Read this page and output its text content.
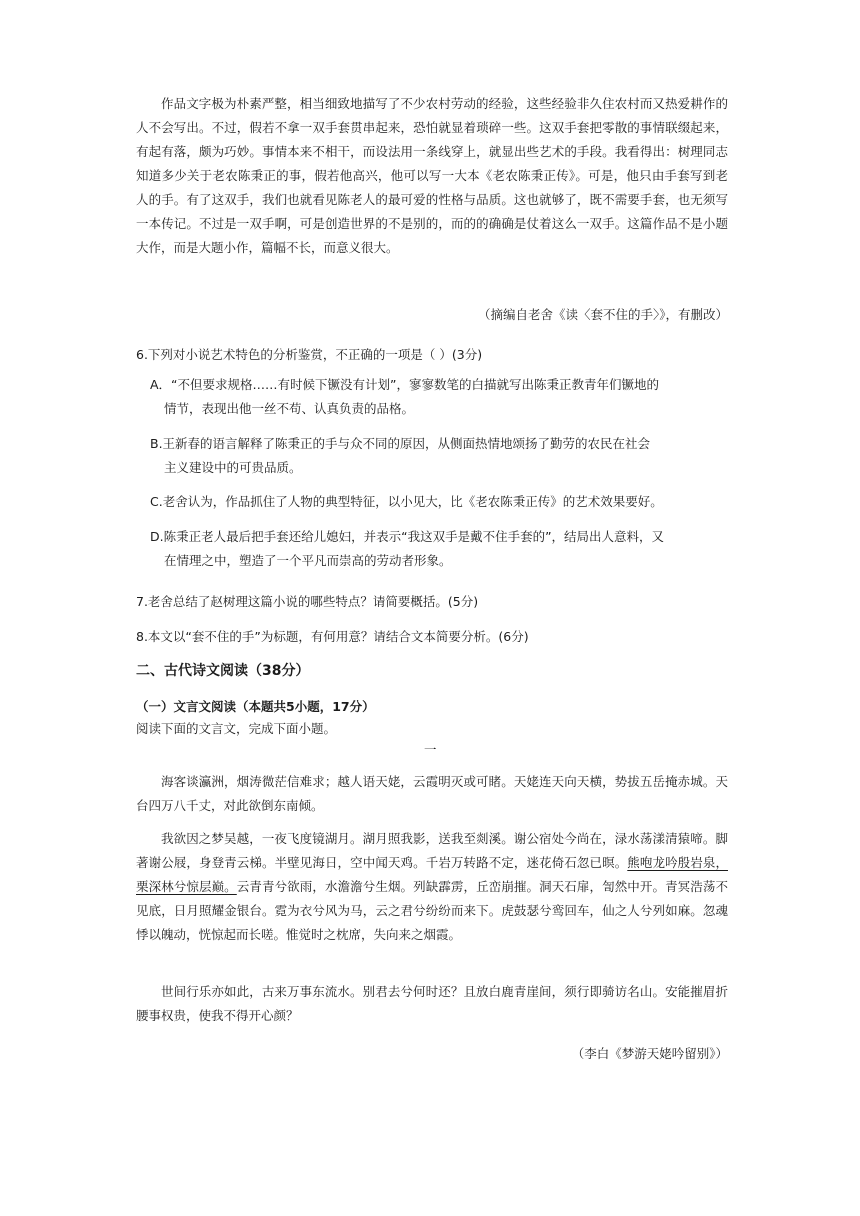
作品文字极为朴素严整，相当细致地描写了不少农村劳动的经验，这些经验非久住农村而又热爱耕作的人不会写出。不过，假若不拿一双手套贯串起来，恐怕就显着琐碎一些。这双手套把零散的事情联缀起来，有起有落，颇为巧妙。事情本来不相干，而设法用一条线穿上，就显出些艺术的手段。我看得出：树理同志知道多少关于老农陈秉正的事，假若他高兴，他可以写一大本《老农陈秉正传》。可是，他只由手套写到老人的手。有了这双手，我们也就看见陈老人的最可爱的性格与品质。这也就够了，既不需要手套，也无须写一本传记。不过是一双手啊，可是创造世界的不是别的，而的的确确是仗着这么一双手。这篇作品不是小题大作，而是大题小作，篇幅不长，而意义很大。

（摘编自老舍《读〈套不住的手〉》，有删改）
6.下列对小说艺术特色的分析鉴赏，不正确的一项是（ ）(3分)
A．“不但要求规格……有时候下镢没有计划”，寥寥数笔的白描就写出陈秉正教青年们镢地的
情节，表现出他一丝不苟、认真负责的品格。
B.王新春的语言解释了陈秉正的手与众不同的原因，从侧面热情地颂扬了勤劳的农民在社会
主义建设中的可贵品质。
C.老舍认为，作品抓住了人物的典型特征，以小见大，比《老农陈秉正传》的艺术效果要好。
D.陈秉正老人最后把手套还给儿媳妇，并表示“我这双手是戴不住手套的”，结局出人意料，又
在情理之中，塑造了一个平凡而崇高的劳动者形象。
7.老舍总结了赵树理这篇小说的哪些特点？请简要概括。(5分)
8.本文以“套不住的手”为标题，有何用意？请结合文本简要分析。(6分)
二、古代诗文阅读（38分）
（一）文言文阅读（本题共5小题，17分）
阅读下面的文言文，完成下面小题。
一

海客谈瀛洲，烟涛微茫信难求；越人语天姥，云霞明灭或可睹。天姥连天向天横，势拔五岳掩赤城。天台四万八千丈，对此欲倒东南倾。

我欲因之梦吴越，一夜飞度镜湖月。湖月照我影，送我至剡溪。谢公宿处今尚在，渌水荡漾清猿啼。脚著谢公屐，身登青云梯。半壁见海日，空中闻天鸡。千岩万转路不定，迷花倚石忽已暝。熊咆龙吟殷岩泉，栗深林兮惊层巅。云青青兮欲雨，水澹澹兮生烟。列缺霹雳，丘峦崩摧。洞天石扉，訇然中开。青冥浩荡不见底，日月照耀金银台。霓为衣兮风为马，云之君兮纷纷而来下。虎鼓瑟兮鸾回车，仙之人兮列如麻。忽魂悸以魄动，恍惊起而长嗟。惟觉时之枕席，失向来之烟霞。

世间行乐亦如此，古来万事东流水。别君去兮何时还？且放白鹿青崖间，须行即骑访名山。安能摧眉折腰事权贵，使我不得开心颜？

（李白《梦游天姥吟留别》）
